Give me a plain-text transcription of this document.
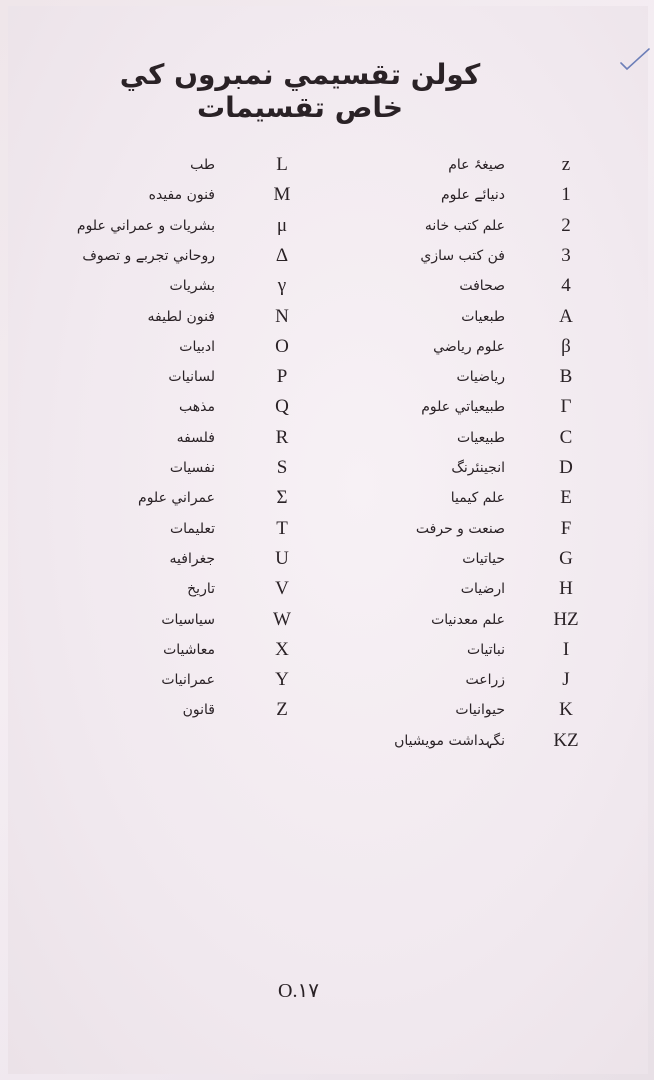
کولن تقسیمي نمبروں کي خاص تقسیمات
z
صیغۂ عام
1
دنیائے علوم
2
علم کتب خانه
3
فن کتب سازي
4
صحافت
A
طبعیات
β
علوم ریاضي
B
ریاضیات
Γ
طبیعیاتي علوم
C
طبیعیات
D
انجینئرنگ
E
علم کیمیا
F
صنعت و حرفت
G
حیاتیات
H
ارضیات
HZ
علم معدنیات
I
نباتیات
J
زراعت
K
حیوانیات
KZ
نگہداشت مویشیاں
L
طب
M
فنون مفیده
μ
بشریات و عمراني علوم
Δ
روحاني تجربے و تصوف
γ
بشریات
N
فنون لطیفه
O
ادبیات
P
لسانیات
Q
مذهب
R
فلسفه
S
نفسیات
Σ
عمراني علوم
T
تعلیمات
U
جغرافیه
V
تاریخ
W
سیاسیات
X
معاشیات
Y
عمرانیات
Z
قانون
O.١٧
